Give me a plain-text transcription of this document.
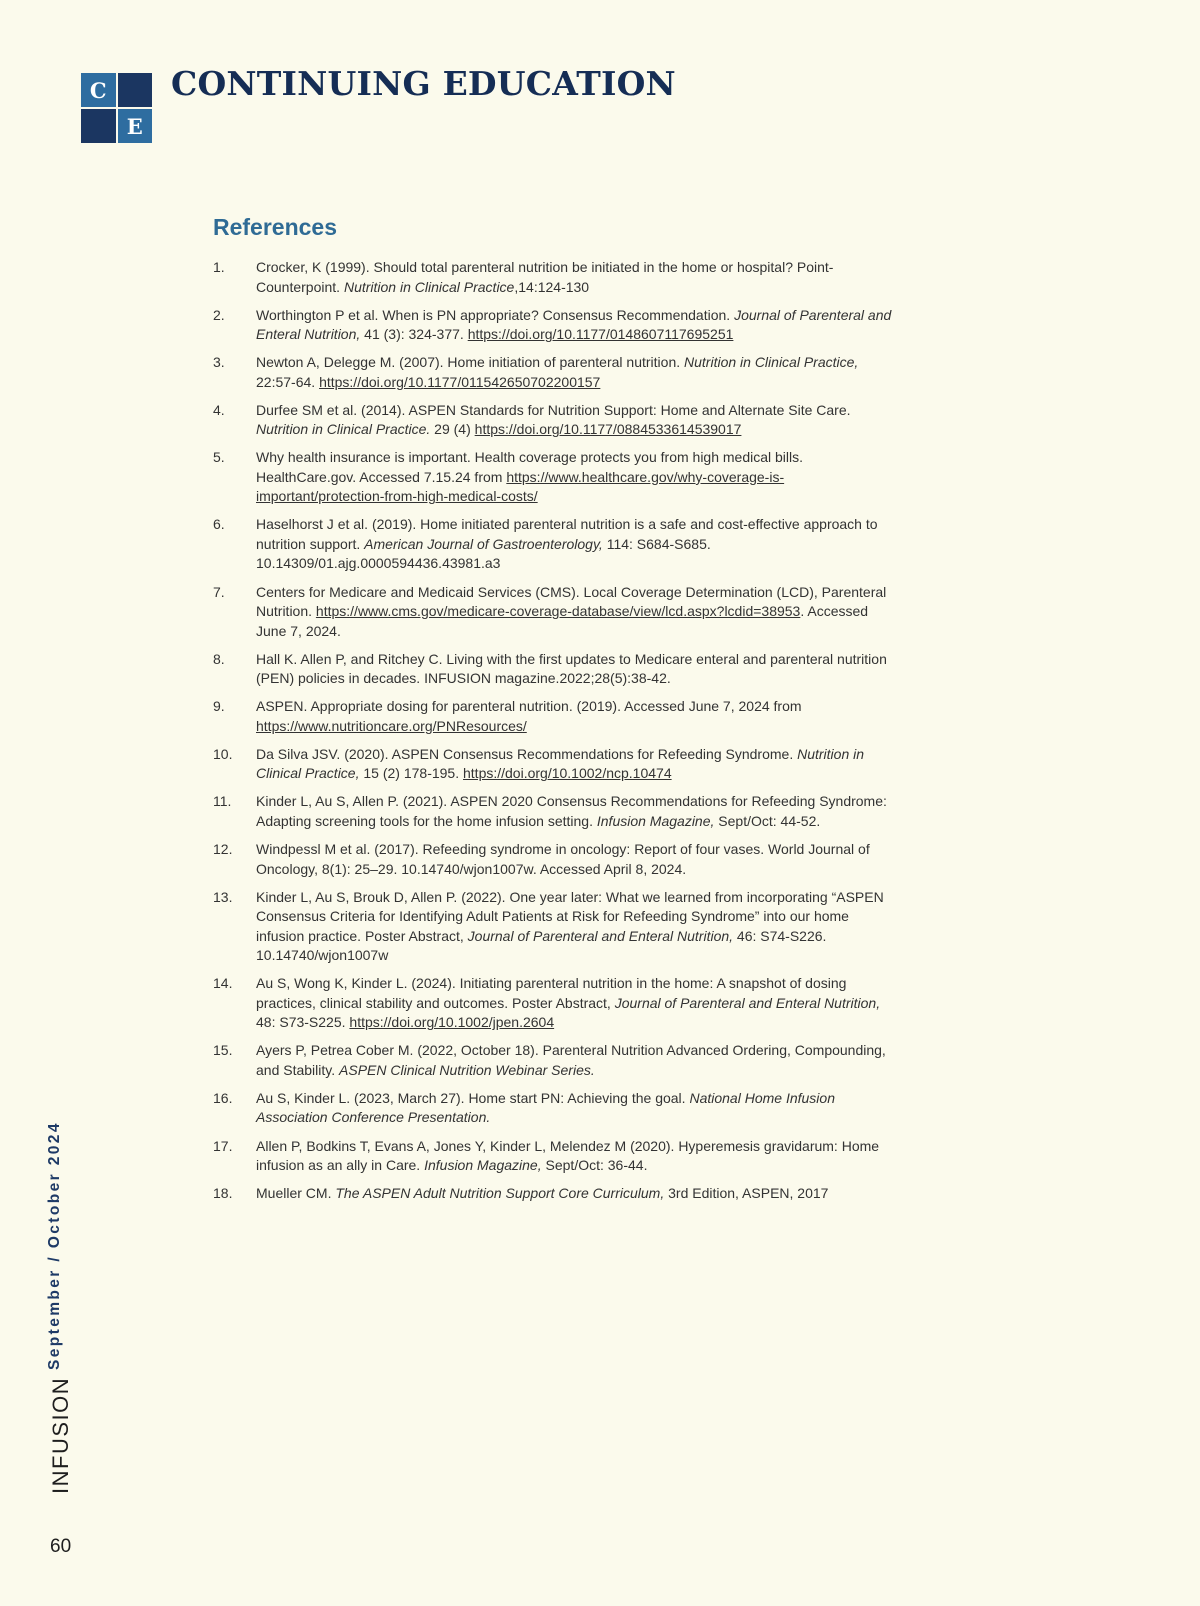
C
E
CONTINUING EDUCATION
References
1.	Crocker, K (1999). Should total parenteral nutrition be initiated in the home or hospital? Point-Counterpoint. Nutrition in Clinical Practice,14:124-130
2.	Worthington P et al. When is PN appropriate? Consensus Recommendation. Journal of Parenteral and Enteral Nutrition, 41 (3): 324-377. https://doi.org/10.1177/0148607117695251
3.	Newton A, Delegge M. (2007). Home initiation of parenteral nutrition. Nutrition in Clinical Practice, 22:57-64. https://doi.org/10.1177/011542650702200157
4.	Durfee SM et al. (2014). ASPEN Standards for Nutrition Support: Home and Alternate Site Care. Nutrition in Clinical Practice. 29 (4) https://doi.org/10.1177/0884533614539017
5.	Why health insurance is important. Health coverage protects you from high medical bills. HealthCare.gov. Accessed 7.15.24 from https://www.healthcare.gov/why-coverage-is-important/protection-from-high-medical-costs/
6.	Haselhorst J et al. (2019). Home initiated parenteral nutrition is a safe and cost-effective approach to nutrition support. American Journal of Gastroenterology, 114: S684-S685. 10.14309/01.ajg.0000594436.43981.a3
7.	Centers for Medicare and Medicaid Services (CMS). Local Coverage Determination (LCD), Parenteral Nutrition. https://www.cms.gov/medicare-coverage-database/view/lcd.aspx?lcdid=38953. Accessed June 7, 2024.
8.	Hall K. Allen P, and Ritchey C. Living with the first updates to Medicare enteral and parenteral nutrition (PEN) policies in decades. INFUSION magazine.2022;28(5):38-42.
9.	ASPEN. Appropriate dosing for parenteral nutrition. (2019). Accessed June 7, 2024 from https://www.nutritioncare.org/PNResources/
10.	Da Silva JSV. (2020). ASPEN Consensus Recommendations for Refeeding Syndrome. Nutrition in Clinical Practice, 15 (2) 178-195. https://doi.org/10.1002/ncp.10474
11.	Kinder L, Au S, Allen P. (2021). ASPEN 2020 Consensus Recommendations for Refeeding Syndrome: Adapting screening tools for the home infusion setting. Infusion Magazine, Sept/Oct: 44-52.
12.	Windpessl M et al. (2017). Refeeding syndrome in oncology: Report of four vases. World Journal of Oncology, 8(1): 25–29. 10.14740/wjon1007w. Accessed April 8, 2024.
13.	Kinder L, Au S, Brouk D, Allen P. (2022). One year later: What we learned from incorporating “ASPEN Consensus Criteria for Identifying Adult Patients at Risk for Refeeding Syndrome” into our home infusion practice. Poster Abstract, Journal of Parenteral and Enteral Nutrition, 46: S74-S226. 10.14740/wjon1007w
14.	Au S, Wong K, Kinder L. (2024). Initiating parenteral nutrition in the home: A snapshot of dosing practices, clinical stability and outcomes. Poster Abstract, Journal of Parenteral and Enteral Nutrition, 48: S73-S225. https://doi.org/10.1002/jpen.2604
15.	Ayers P, Petrea Cober M. (2022, October 18). Parenteral Nutrition Advanced Ordering, Compounding, and Stability. ASPEN Clinical Nutrition Webinar Series.
16.	Au S, Kinder L. (2023, March 27). Home start PN: Achieving the goal. National Home Infusion Association Conference Presentation.
17.	Allen P, Bodkins T, Evans A, Jones Y, Kinder L, Melendez M (2020). Hyperemesis gravidarum: Home infusion as an ally in Care. Infusion Magazine, Sept/Oct: 36-44.
18.	Mueller CM. The ASPEN Adult Nutrition Support Core Curriculum, 3rd Edition, ASPEN, 2017
September / October 2024
INFUSION
60
